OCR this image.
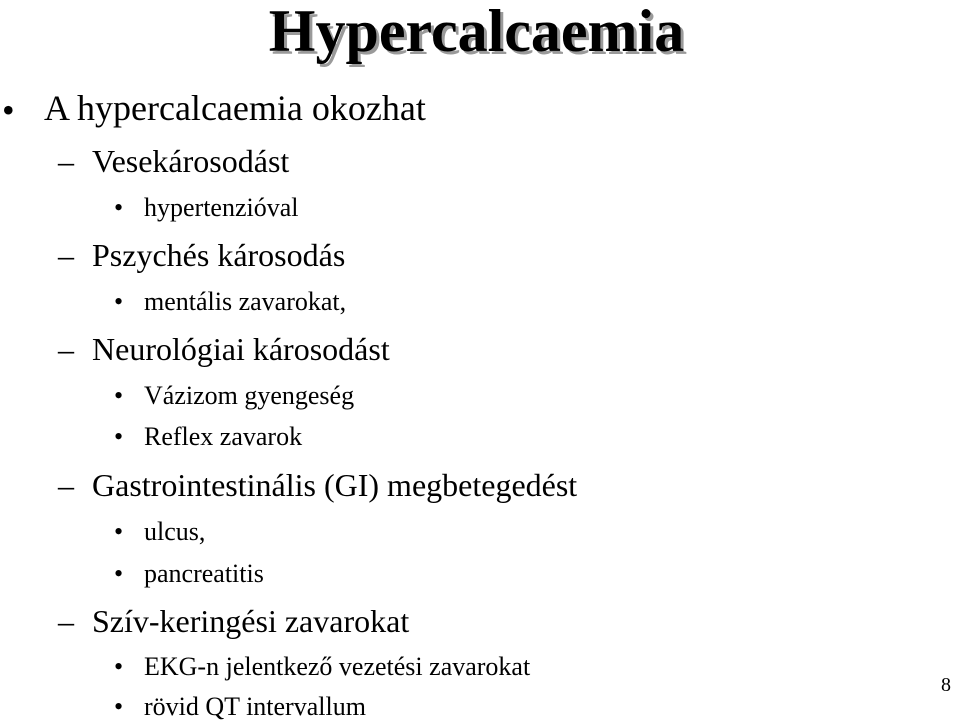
Hypercalcaemia
• A hypercalcaemia okozhat
– Vesekárosodást
• hypertenzióval
– Pszychés károsodás
• mentális zavarokat,
– Neurológiai károsodást
• Vázizom gyengeség
• Reflex zavarok
– Gastrointestinális (GI) megbetegedést
• ulcus,
• pancreatitis
– Szív-keringési zavarokat
• EKG-n jelentkező vezetési zavarokat
• rövid QT intervallum
8
